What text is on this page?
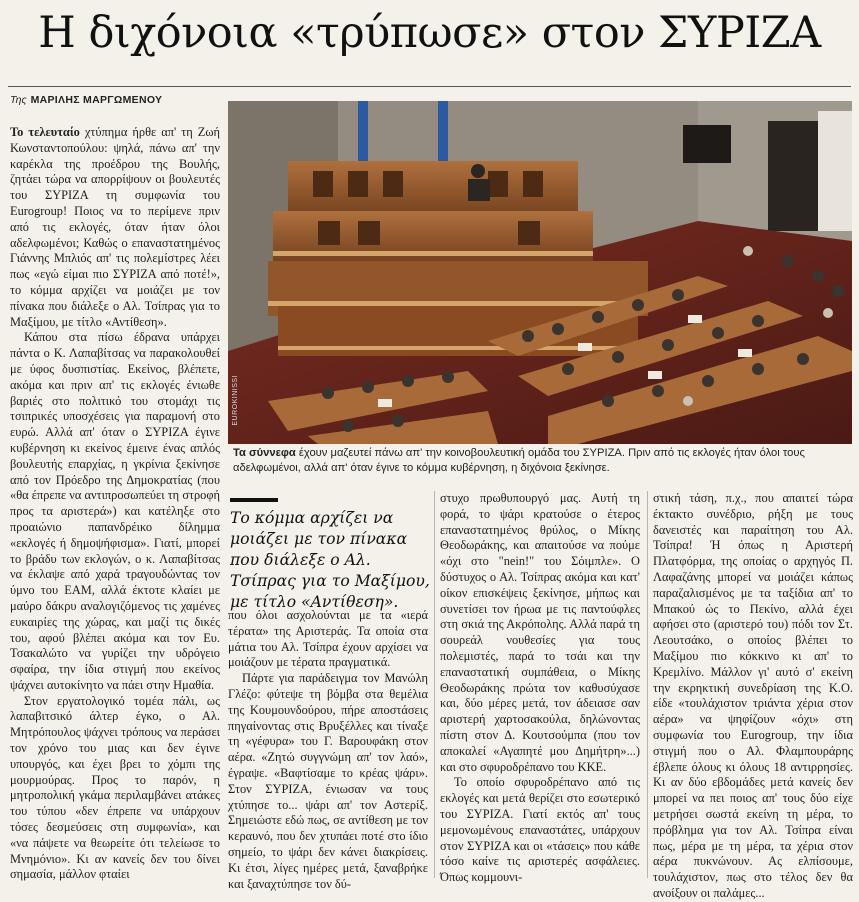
Η διχόνοια «τρύπωσε» στον ΣΥΡΙΖΑ
Της ΜΑΡΙΛΗΣ ΜΑΡΓΩΜΕΝΟΥ

Το τελευταίο χτύπημα ήρθε απ' τη Ζωή Κωνσταντοπούλου: ψηλά, πάνω απ' την καρέκλα της προέδρου της Βουλής, ζητάει τώρα να απορρίψουν οι βουλευτές του ΣΥΡΙΖΑ τη συμφωνία του Eurogroup! Ποιος να το περίμενε πριν από τις εκλογές, όταν ήταν όλοι αδελφωμένοι; Καθώς ο επαναστατημένος Γιάννης Μπλιός απ' τις πολεμίστρες λέει πως «εγώ είμαι πιο ΣΥΡΙΖΑ από ποτέ!», το κόμμα αρχίζει να μοιάζει με τον πίνακα που διάλεξε ο Αλ. Τσίπρας για το Μαξίμου, με τίτλο «Αντίθεση».

Κάπου στα πίσω έδρανα υπάρχει πάντα ο Κ. Λαπαβίτσας να παρακολουθεί με ύφος δυσπιστίας. Εκείνος, βλέπετε, ακόμα και πριν απ' τις εκλογές ένιωθε βαριές στο πολιτικό του στομάχι τις τσιπρικές υποσχέσεις για παραμονή στο ευρώ. Αλλά απ' όταν ο ΣΥΡΙΖΑ έγινε κυβέρνηση κι εκείνος έμεινε ένας απλός βουλευτής επαρχίας, η γκρίνια ξεκίνησε από τον Πρόεδρο της Δημοκρατίας (που «θα έπρεπε να αντιπροσωπεύει τη στροφή προς τα αριστερά») και κατέληξε στο προαιώνιο παπανδρέικο δίλημμα «εκλογές ή δημοψήφισμα». Γιατί, μπορεί το βράδυ των εκλογών, ο κ. Λαπαβίτσας να έκλαψε από χαρά τραγουδώντας τον ύμνο του ΕΑΜ, αλλά έκτοτε κλαίει με μαύρο δάκρυ αναλογιζόμενος τις χαμένες ευκαιρίες της χώρας, και μαζί τις δικές του, αφού βλέπει ακόμα και τον Ευ. Τσακαλώτο να γυρίζει την υδρόγειο σφαίρα, την ίδια στιγμή που εκείνος ψάχνει αυτοκίνητο να πάει στην Ημαθία.

Στον εργατολογικό τομέα πάλι, ως λαπαβιτσικό άλτερ έγκο, ο Αλ. Μητρόπουλος ψάχνει τρόπους να περάσει τον χρόνο του μιας και δεν έγινε υπουργός, και έχει βρει το χόμπι της μουρμούρας. Προς το παρόν, η μητροπολική γκάμα περιλαμβάνει ατάκες του τύπου «δεν έπρεπε να υπάρχουν τόσες δεσμεύσεις στη συμφωνία», και «να πάψετε να θεωρείτε ότι τελείωσε το Μνημόνιο». Κι αν κανείς δεν του δίνει σημασία, μάλλον φταίει

EUROKINISSI
Τα σύννεφα έχουν μαζευτεί πάνω απ' την κοινοβουλευτική ομάδα του ΣΥΡΙΖΑ. Πριν από τις εκλογές ήταν όλοι τους αδελφωμένοι, αλλά απ' όταν έγινε το κόμμα κυβέρνηση, η διχόνοια ξεκίνησε.
Το κόμμα αρχίζει να μοιάζει με τον πίνακα που διάλεξε ο Αλ. Τσίπρας για το Μαξίμου, με τίτλο «Αντίθεση».

που όλοι ασχολούνται με τα «ιερά τέρατα» της Αριστεράς. Τα οποία στα μάτια του Αλ. Τσίπρα έχουν αρχίσει να μοιάζουν με τέρατα πραγματικά.

Πάρτε για παράδειγμα τον Μανώλη Γλέζο: φύτεψε τη βόμβα στα θεμέλια της Κουμουνδούρου, πήρε αποστάσεις πηγαίνοντας στις Βρυξέλλες και τίναξε τη «γέφυρα» του Γ. Βαρουφάκη στον αέρα. «Ζητώ συγγνώμη απ' τον λαό», έγραψε. «Βαφτίσαμε το κρέας ψάρι». Στον ΣΥΡΙΖΑ, ένιωσαν να τους χτύπησε το... ψάρι απ' τον Αστερίξ. Σημειώστε εδώ πως, σε αντίθεση με τον κεραυνό, που δεν χτυπάει ποτέ στο ίδιο σημείο, το ψάρι δεν κάνει διακρίσεις. Κι έτσι, λίγες ημέρες μετά, ξαναβρήκε και ξαναχτύπησε τον δύ-

στυχο πρωθυπουργό μας. Αυτή τη φορά, το ψάρι κρατούσε ο έτερος επαναστατημένος θρύλος, ο Μίκης Θεοδωράκης, και απαιτούσε να πούμε «όχι στο "nein!" του Σόιμπλε». Ο δύστυχος ο Αλ. Τσίπρας ακόμα και κατ' οίκον επισκέψεις ξεκίνησε, μήπως και συνετίσει τον ήρωα με τις παντούφλες στη σκιά της Ακρόπολης. Αλλά παρά τη σουρεάλ νουθεσίες για τους πολεμιστές, παρά το τσάι και την επαναστατική συμπάθεια, ο Μίκης Θεοδωράκης πρώτα τον καθυσύχασε και, δύο μέρες μετά, τον άδειασε σαν αριστερή χαρτοσακούλα, δηλώνοντας πίστη στον Δ. Κουτσούμπα (που τον αποκαλεί «Αγαπητέ μου Δημήτρη»...) και στο σφυροδρέπανο του ΚΚΕ.

Το οποίο σφυροδρέπανο από τις εκλογές και μετά θερίζει στο εσωτερικό του ΣΥΡΙΖΑ. Γιατί εκτός απ' τους μεμονωμένους επαναστάτες, υπάρχουν στον ΣΥΡΙΖΑ και οι «τάσεις» που κάθε τόσο καίνε τις αριστερές ασφάλειες. Όπως κομμουνι-

στική τάση, π.χ., που απαιτεί τώρα έκτακτο συνέδριο, ρήξη με τους δανειστές και παραίτηση του Αλ. Τσίπρα! Ή όπως η Αριστερή Πλατφόρμα, της οποίας ο αρχηγός Π. Λαφαζάνης μπορεί να μοιάζει κάπως παραζαλισμένος με τα ταξίδια απ' το Μπακού ώς το Πεκίνο, αλλά έχει αφήσει στο (αριστερό του) πόδι τον Στ. Λεουτσάκο, ο οποίος βλέπει το Μαξίμου πιο κόκκινο κι απ' το Κρεμλίνο. Μάλλον γι' αυτό σ' εκείνη την εκρηκτική συνεδρίαση της Κ.Ο. είδε «τουλάχιστον τριάντα χέρια στον αέρα» να ψηφίζουν «όχι» στη συμφωνία του Eurogroup, την ίδια στιγμή που ο Αλ. Φλαμπουράρης έβλεπε όλους κι όλους 18 αντιρρησίες. Κι αν δύο εβδομάδες μετά κανείς δεν μπορεί να πει ποιος απ' τους δύο είχε μετρήσει σωστά εκείνη τη μέρα, το πρόβλημα για τον Αλ. Τσίπρα είναι πως, μέρα με τη μέρα, τα χέρια στον αέρα πυκνώνουν. Ας ελπίσουμε, τουλάχιστον, πως στο τέλος δεν θα ανοίξουν οι παλάμες...
